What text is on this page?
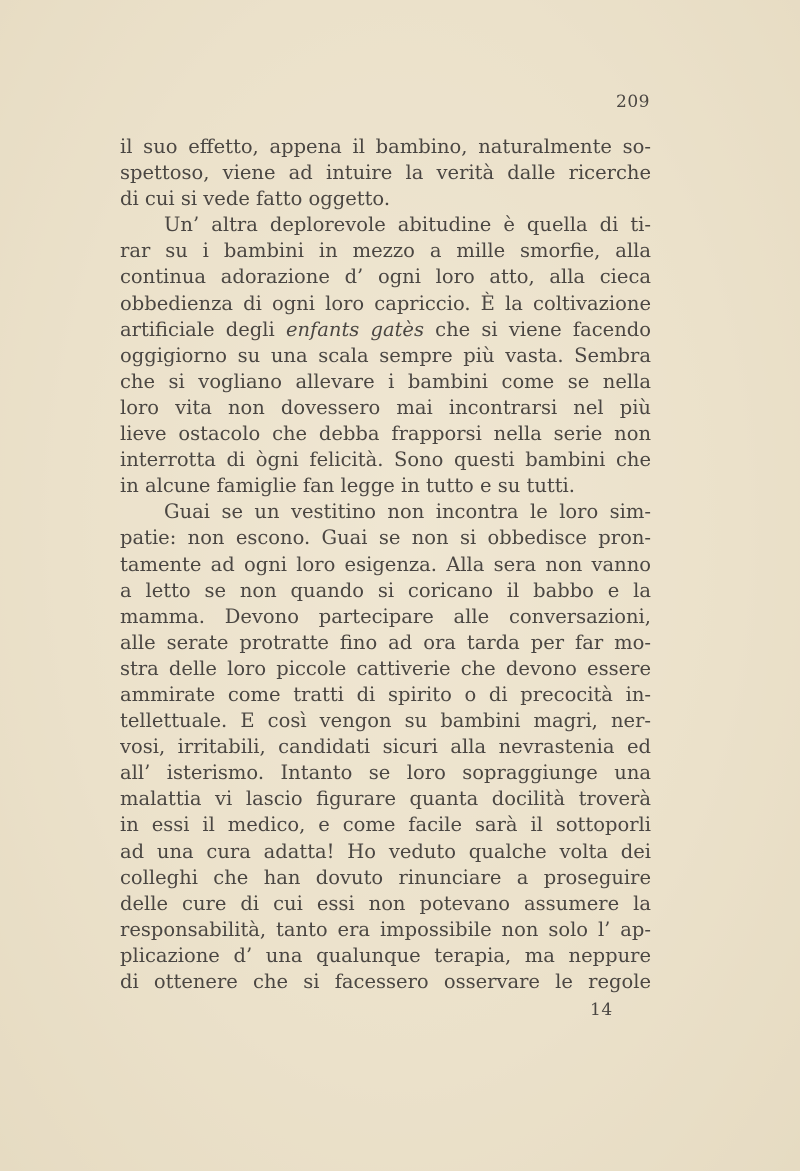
209
il suo effetto, appena il bambino, naturalmente so-
spettoso, viene ad intuire la verità dalle ricerche
di cui si vede fatto oggetto.
Un’ altra deplorevole abitudine è quella di ti-
rar su i bambini in mezzo a mille smorfie, alla
continua adorazione d’ ogni loro atto, alla cieca
obbedienza di ogni loro capriccio. È la coltivazione
artificiale degli enfants gatès che si viene facendo
oggigiorno su una scala sempre più vasta. Sembra
che si vogliano allevare i bambini come se nella
loro vita non dovessero mai incontrarsi nel più
lieve ostacolo che debba frapporsi nella serie non
interrotta di ògni felicità. Sono questi bambini che
in alcune famiglie fan legge in tutto e su tutti.
Guai se un vestitino non incontra le loro sim-
patie: non escono. Guai se non si obbedisce pron-
tamente ad ogni loro esigenza. Alla sera non vanno
a letto se non quando si coricano il babbo e la
mamma. Devono partecipare alle conversazioni,
alle serate protratte fino ad ora tarda per far mo-
stra delle loro piccole cattiverie che devono essere
ammirate come tratti di spirito o di precocità in-
tellettuale. E così vengon su bambini magri, ner-
vosi, irritabili, candidati sicuri alla nevrastenia ed
all’ isterismo. Intanto se loro sopraggiunge una
malattia vi lascio figurare quanta docilità troverà
in essi il medico, e come facile sarà il sottoporli
ad una cura adatta! Ho veduto qualche volta dei
colleghi che han dovuto rinunciare a proseguire
delle cure di cui essi non potevano assumere la
responsabilità, tanto era impossibile non solo l’ ap-
plicazione d’ una qualunque terapia, ma neppure
di ottenere che si facessero osservare le regole
14
